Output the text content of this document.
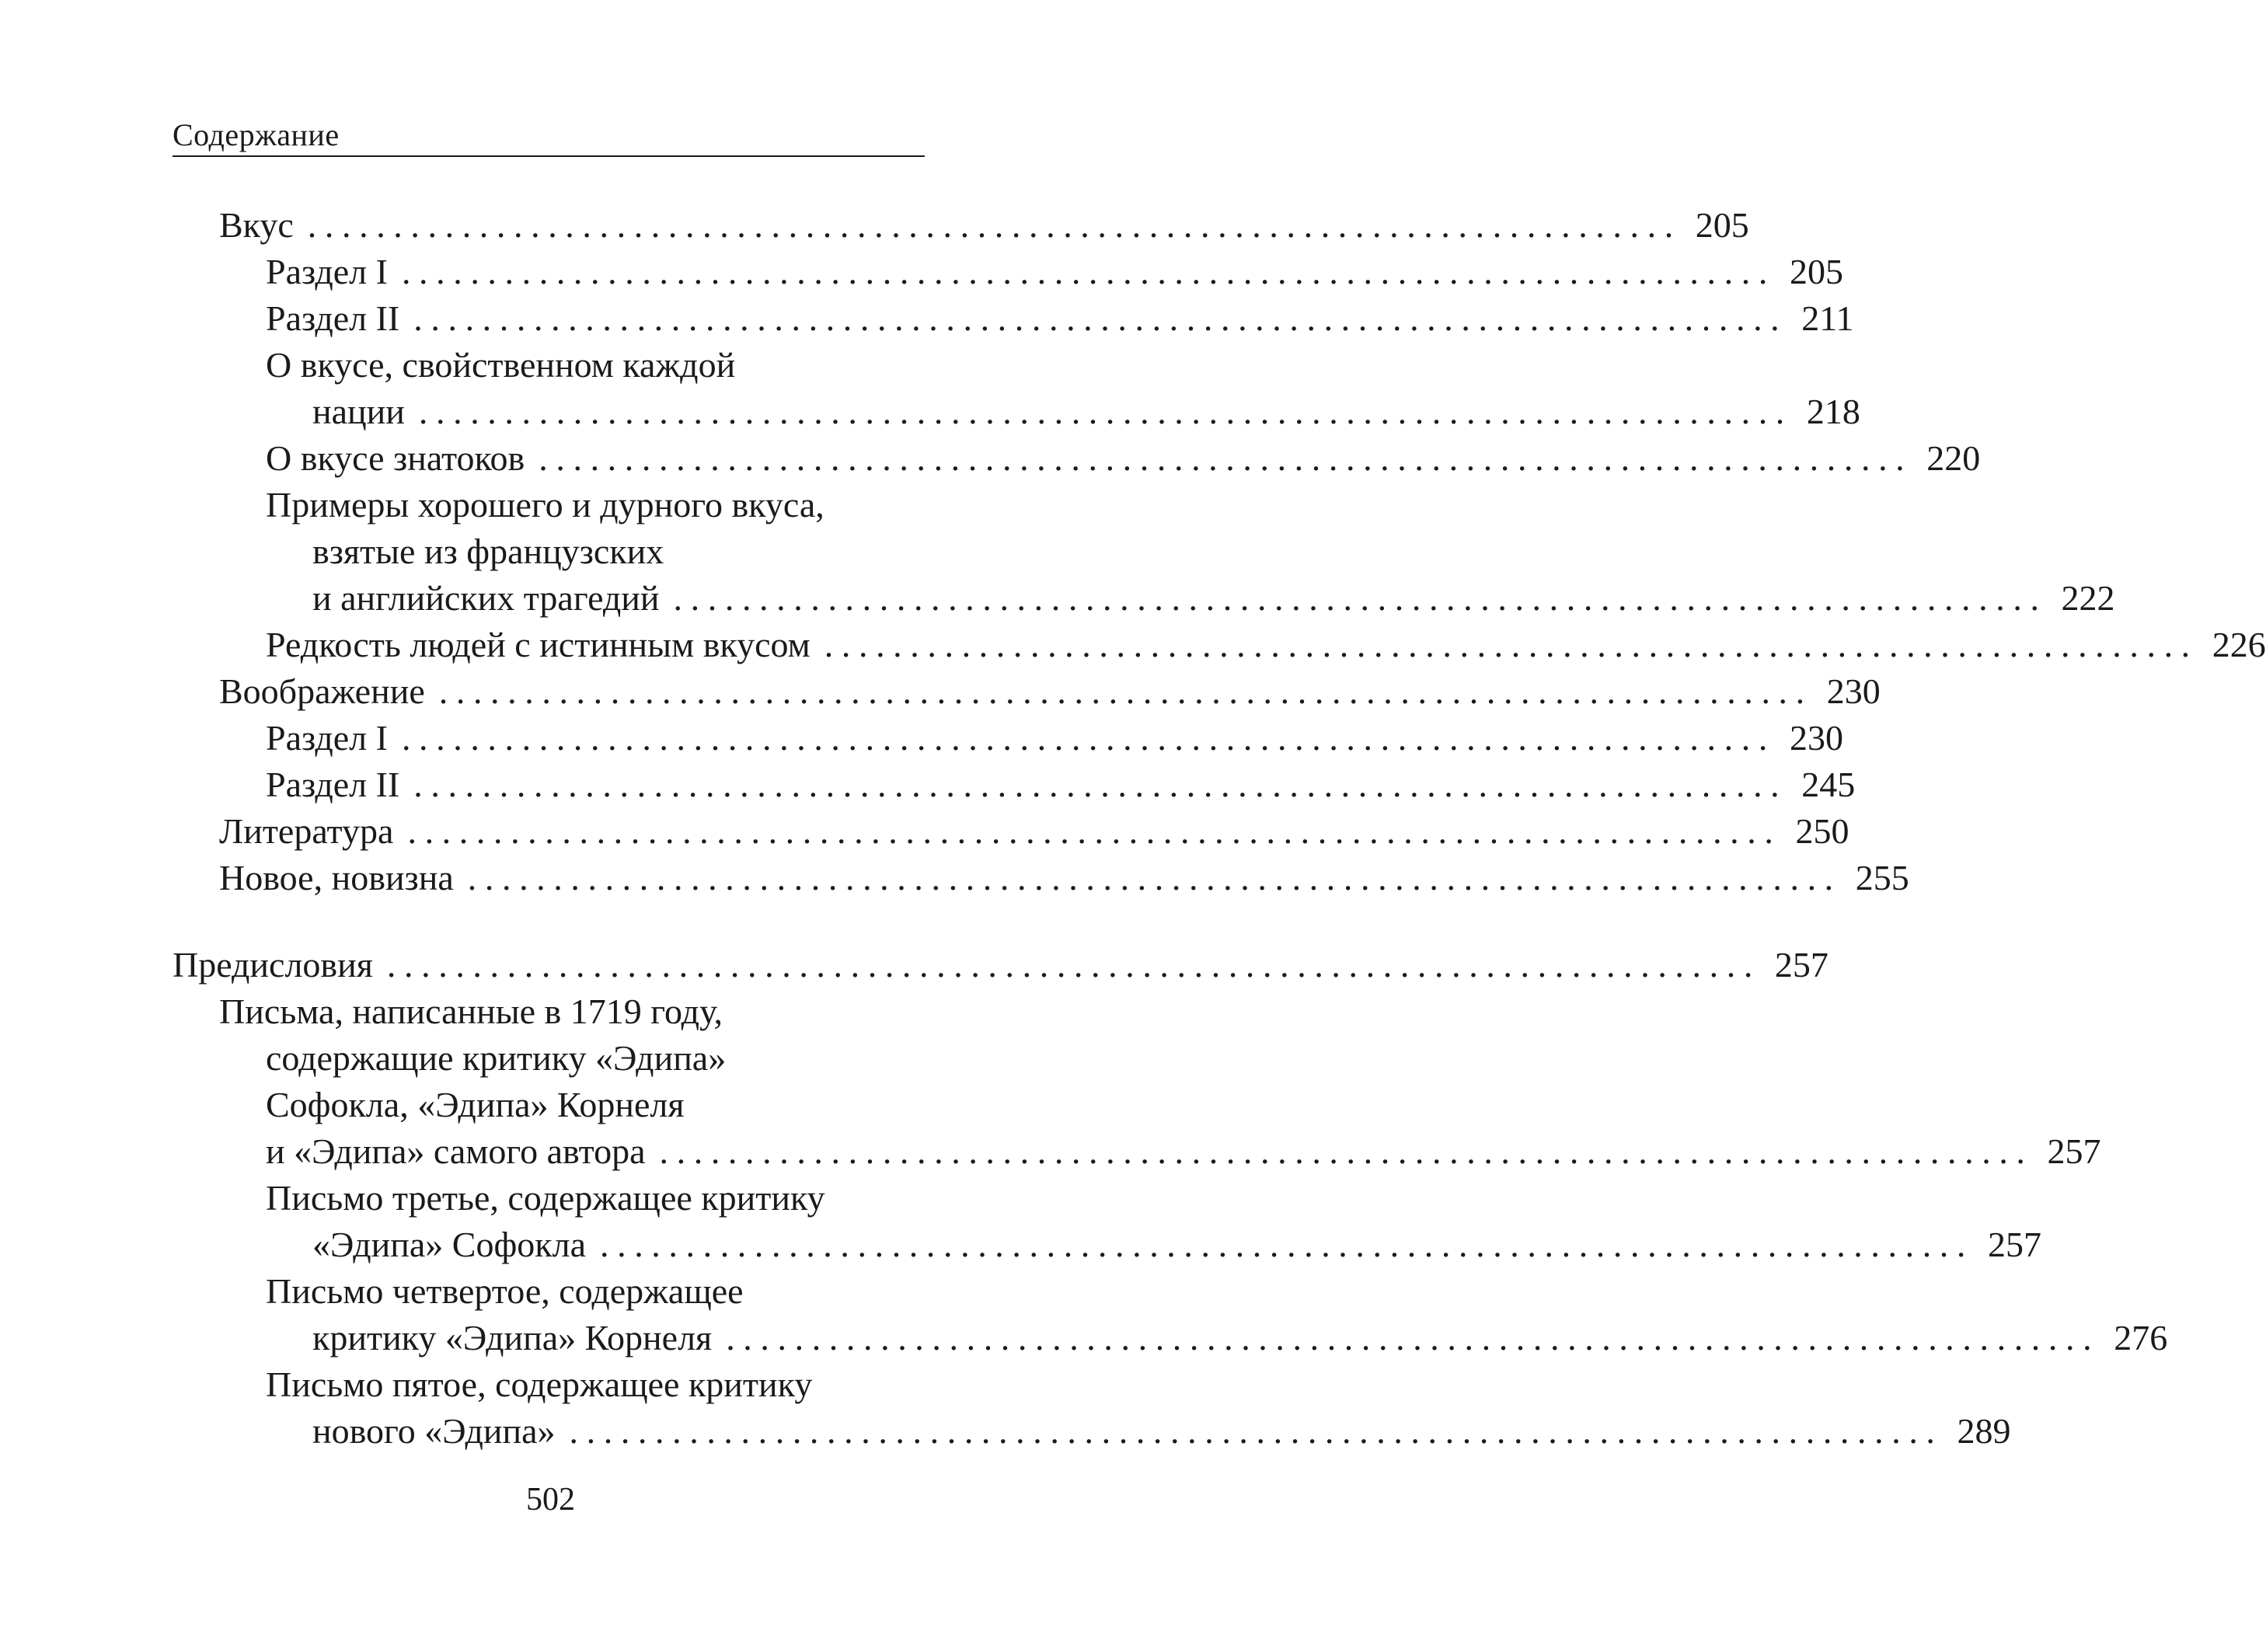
Содержание
Вкус ................................................................................ 205
Раздел I ................................................................................ 205
Раздел II ................................................................................ 211
О вкусе, свойственном каждой
нации ................................................................................ 218
О вкусе знатоков ................................................................................ 220
Примеры хорошего и дурного вкуса,
взятые из французских
и английских трагедий ................................................................................ 222
Редкость людей с истинным вкусом ................................................................................ 226
Воображение ................................................................................ 230
Раздел I ................................................................................ 230
Раздел II ................................................................................ 245
Литература ................................................................................ 250
Новое, новизна ................................................................................ 255
Предисловия ................................................................................ 257
Письма, написанные в 1719 году,
содержащие критику «Эдипа»
Софокла, «Эдипа» Корнеля
и «Эдипа» самого автора ................................................................................ 257
Письмо третье, содержащее критику
«Эдипа» Софокла ................................................................................ 257
Письмо четвертое, содержащее
критику «Эдипа» Корнеля ................................................................................ 276
Письмо пятое, содержащее критику
нового «Эдипа» ................................................................................ 289
502
